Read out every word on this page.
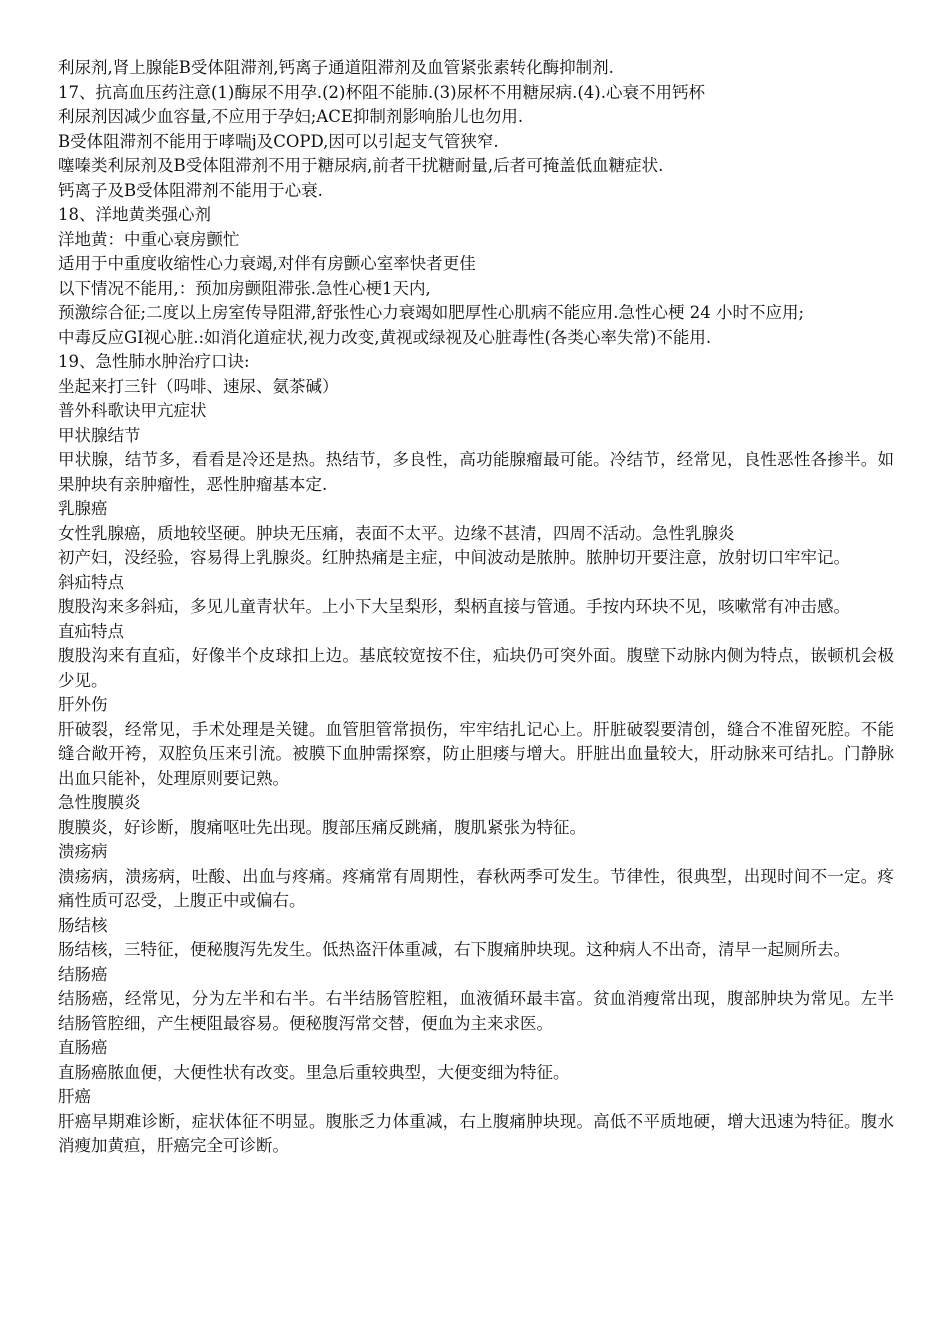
利尿剂,肾上腺能Β受体阻滞剂,钙离子通道阻滞剂及血管紧张素转化酶抑制剂.

17、抗高血压药注意(1)酶尿不用孕.(2)杯阻不能肺.(3)尿杯不用糖尿病.(4).心衰不用钙杯

利尿剂因减少血容量,不应用于孕妇;ACE抑制剂影响胎儿也勿用.

Β受体阻滞剂不能用于哮喘j及COPD,因可以引起支气管狭窄.

噻嗪类利尿剂及Β受体阻滞剂不用于糖尿病,前者干扰糖耐量,后者可掩盖低血糖症状.

钙离子及Β受体阻滞剂不能用于心衰.

18、洋地黄类强心剂

洋地黄：中重心衰房颤忙

适用于中重度收缩性心力衰竭,对伴有房颤心室率快者更佳

以下情况不能用,：预加房颤阻滞张.急性心梗1天内,

预激综合征;二度以上房室传导阻滞,舒张性心力衰竭如肥厚性心肌病不能应用.急性心梗 24 小时不应用;

中毒反应GI视心脏.:如消化道症状,视力改变,黄视或绿视及心脏毒性(各类心率失常)不能用.

19、急性肺水肿治疗口诀:

坐起来打三针（吗啡、速尿、氨茶碱）

普外科歌诀甲亢症状

甲状腺结节

甲状腺，结节多，看看是冷还是热。热结节，多良性，高功能腺瘤最可能。冷结节，经常见，良性恶性各掺半。如果肿块有亲肿瘤性，恶性肿瘤基本定.

乳腺癌

女性乳腺癌，质地较坚硬。肿块无压痛，表面不太平。边缘不甚清，四周不活动。急性乳腺炎

初产妇，没经验，容易得上乳腺炎。红肿热痛是主症，中间波动是脓肿。脓肿切开要注意，放射切口牢牢记。

斜疝特点

腹股沟来多斜疝，多见儿童青状年。上小下大呈梨形，梨柄直接与管通。手按内环块不见，咳嗽常有冲击感。

直疝特点

腹股沟来有直疝，好像半个皮球扣上边。基底较宽按不住，疝块仍可突外面。腹壁下动脉内侧为特点，嵌顿机会极少见。

肝外伤

肝破裂，经常见，手术处理是关键。血管胆管常损伤，牢牢结扎记心上。肝脏破裂要清创，缝合不准留死腔。不能缝合敞开袴，双腔负压来引流。被膜下血肿需探察，防止胆瘘与增大。肝脏出血量较大，肝动脉来可结扎。门静脉出血只能补，处理原则要记熟。

急性腹膜炎

腹膜炎，好诊断，腹痛呕吐先出现。腹部压痛反跳痛，腹肌紧张为特征。

溃疡病

溃疡病，溃疡病，吐酸、出血与疼痛。疼痛常有周期性，春秋两季可发生。节律性，很典型，出现时间不一定。疼痛性质可忍受，上腹正中或偏右。

肠结核

肠结核，三特征，便秘腹泻先发生。低热盗汗体重减，右下腹痛肿块现。这种病人不出奇，清早一起厕所去。

结肠癌

结肠癌，经常见，分为左半和右半。右半结肠管腔粗，血液循环最丰富。贫血消瘦常出现，腹部肿块为常见。左半结肠管腔细，产生梗阻最容易。便秘腹泻常交替，便血为主来求医。

直肠癌

直肠癌脓血便，大便性状有改变。里急后重较典型，大便变细为特征。

肝癌

肝癌早期难诊断，症状体征不明显。腹胀乏力体重减，右上腹痛肿块现。高低不平质地硬，增大迅速为特征。腹水消瘦加黄疸，肝癌完全可诊断。
